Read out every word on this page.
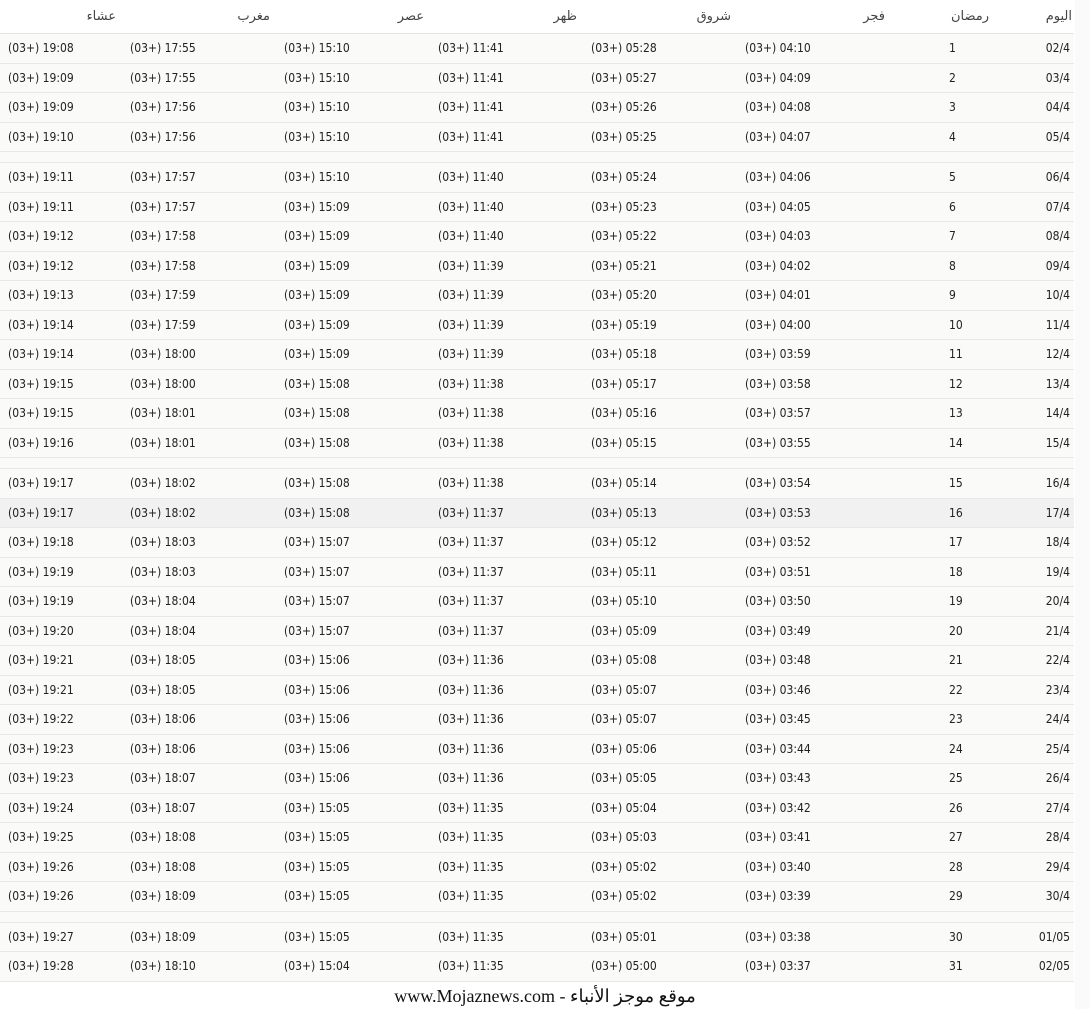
اليوم	رمضان	فجر	شروق	ظهر	عصر	مغرب	عشاء
02/4	1	04:10 (+03)	05:28 (+03)	11:41 (+03)	15:10 (+03)	17:55 (+03)	19:08 (+03)
03/4	2	04:09 (+03)	05:27 (+03)	11:41 (+03)	15:10 (+03)	17:55 (+03)	19:09 (+03)
04/4	3	04:08 (+03)	05:26 (+03)	11:41 (+03)	15:10 (+03)	17:56 (+03)	19:09 (+03)
05/4	4	04:07 (+03)	05:25 (+03)	11:41 (+03)	15:10 (+03)	17:56 (+03)	19:10 (+03)

06/4	5	04:06 (+03)	05:24 (+03)	11:40 (+03)	15:10 (+03)	17:57 (+03)	19:11 (+03)
07/4	6	04:05 (+03)	05:23 (+03)	11:40 (+03)	15:09 (+03)	17:57 (+03)	19:11 (+03)
08/4	7	04:03 (+03)	05:22 (+03)	11:40 (+03)	15:09 (+03)	17:58 (+03)	19:12 (+03)
09/4	8	04:02 (+03)	05:21 (+03)	11:39 (+03)	15:09 (+03)	17:58 (+03)	19:12 (+03)
10/4	9	04:01 (+03)	05:20 (+03)	11:39 (+03)	15:09 (+03)	17:59 (+03)	19:13 (+03)
11/4	10	04:00 (+03)	05:19 (+03)	11:39 (+03)	15:09 (+03)	17:59 (+03)	19:14 (+03)
12/4	11	03:59 (+03)	05:18 (+03)	11:39 (+03)	15:09 (+03)	18:00 (+03)	19:14 (+03)
13/4	12	03:58 (+03)	05:17 (+03)	11:38 (+03)	15:08 (+03)	18:00 (+03)	19:15 (+03)
14/4	13	03:57 (+03)	05:16 (+03)	11:38 (+03)	15:08 (+03)	18:01 (+03)	19:15 (+03)
15/4	14	03:55 (+03)	05:15 (+03)	11:38 (+03)	15:08 (+03)	18:01 (+03)	19:16 (+03)

16/4	15	03:54 (+03)	05:14 (+03)	11:38 (+03)	15:08 (+03)	18:02 (+03)	19:17 (+03)
17/4	16	03:53 (+03)	05:13 (+03)	11:37 (+03)	15:08 (+03)	18:02 (+03)	19:17 (+03)
18/4	17	03:52 (+03)	05:12 (+03)	11:37 (+03)	15:07 (+03)	18:03 (+03)	19:18 (+03)
19/4	18	03:51 (+03)	05:11 (+03)	11:37 (+03)	15:07 (+03)	18:03 (+03)	19:19 (+03)
20/4	19	03:50 (+03)	05:10 (+03)	11:37 (+03)	15:07 (+03)	18:04 (+03)	19:19 (+03)
21/4	20	03:49 (+03)	05:09 (+03)	11:37 (+03)	15:07 (+03)	18:04 (+03)	19:20 (+03)
22/4	21	03:48 (+03)	05:08 (+03)	11:36 (+03)	15:06 (+03)	18:05 (+03)	19:21 (+03)
23/4	22	03:46 (+03)	05:07 (+03)	11:36 (+03)	15:06 (+03)	18:05 (+03)	19:21 (+03)
24/4	23	03:45 (+03)	05:07 (+03)	11:36 (+03)	15:06 (+03)	18:06 (+03)	19:22 (+03)
25/4	24	03:44 (+03)	05:06 (+03)	11:36 (+03)	15:06 (+03)	18:06 (+03)	19:23 (+03)
26/4	25	03:43 (+03)	05:05 (+03)	11:36 (+03)	15:06 (+03)	18:07 (+03)	19:23 (+03)
27/4	26	03:42 (+03)	05:04 (+03)	11:35 (+03)	15:05 (+03)	18:07 (+03)	19:24 (+03)
28/4	27	03:41 (+03)	05:03 (+03)	11:35 (+03)	15:05 (+03)	18:08 (+03)	19:25 (+03)
29/4	28	03:40 (+03)	05:02 (+03)	11:35 (+03)	15:05 (+03)	18:08 (+03)	19:26 (+03)
30/4	29	03:39 (+03)	05:02 (+03)	11:35 (+03)	15:05 (+03)	18:09 (+03)	19:26 (+03)

01/05	30	03:38 (+03)	05:01 (+03)	11:35 (+03)	15:05 (+03)	18:09 (+03)	19:27 (+03)
02/05	31	03:37 (+03)	05:00 (+03)	11:35 (+03)	15:04 (+03)	18:10 (+03)	19:28 (+03)
www.Mojaznews.com - موقع موجز الأنباء
